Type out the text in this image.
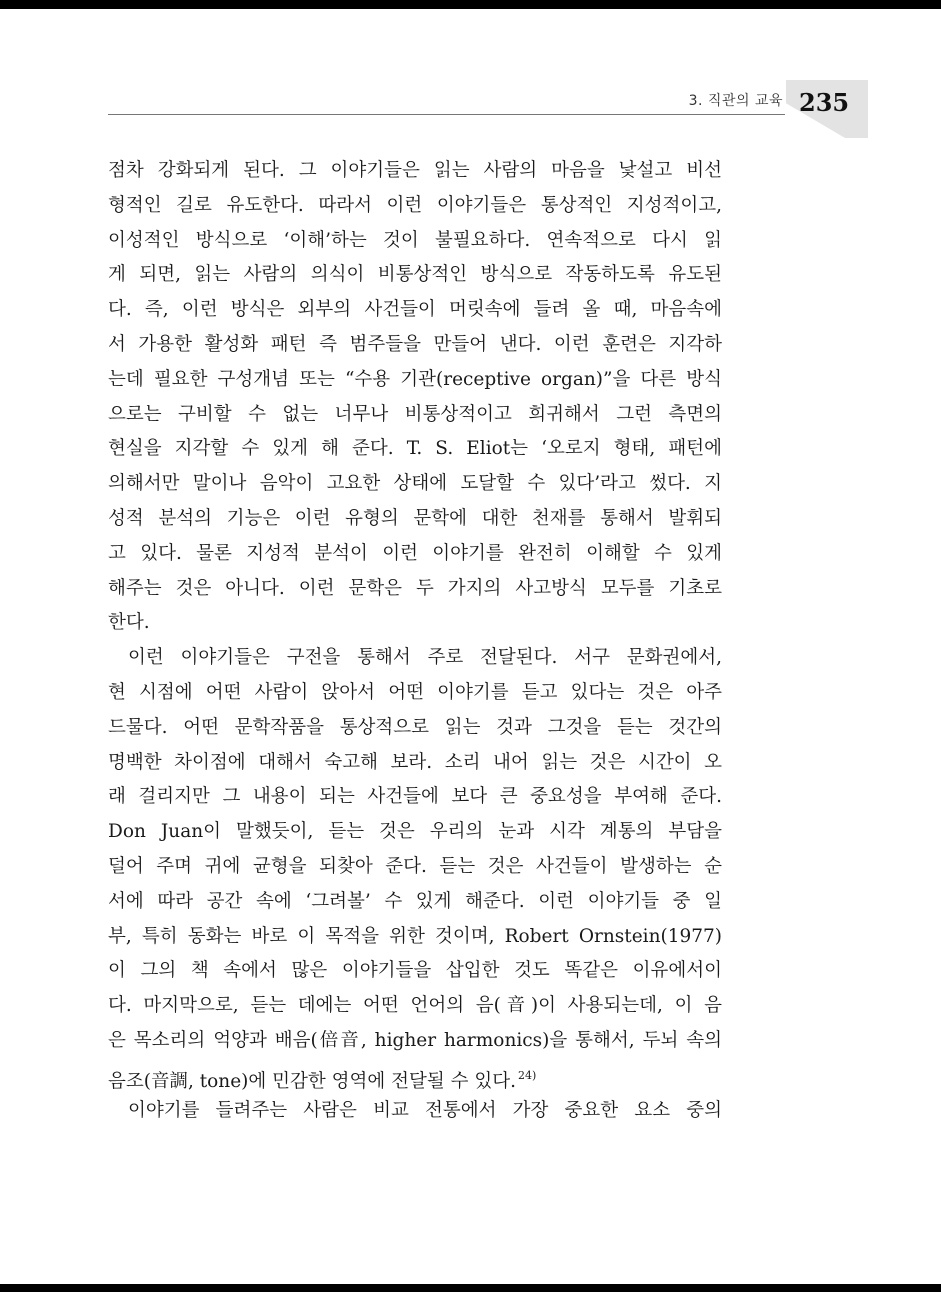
3. 직관의 교육 235
점차 강화되게 된다. 그 이야기들은 읽는 사람의 마음을 낯설고 비선
형적인 길로 유도한다. 따라서 이런 이야기들은 통상적인 지성적이고,
이성적인 방식으로 ‘이해’하는 것이 불필요하다. 연속적으로 다시 읽
게 되면, 읽는 사람의 의식이 비통상적인 방식으로 작동하도록 유도된
다. 즉, 이런 방식은 외부의 사건들이 머릿속에 들려 올 때, 마음속에
서 가용한 활성화 패턴 즉 범주들을 만들어 낸다. 이런 훈련은 지각하
는데 필요한 구성개념 또는 “수용 기관(receptive organ)”을 다른 방식
으로는 구비할 수 없는 너무나 비통상적이고 희귀해서 그런 측면의
현실을 지각할 수 있게 해 준다. T. S. Eliot는 ‘오로지 형태, 패턴에
의해서만 말이나 음악이 고요한 상태에 도달할 수 있다’라고 썼다. 지
성적 분석의 기능은 이런 유형의 문학에 대한 천재를 통해서 발휘되
고 있다. 물론 지성적 분석이 이런 이야기를 완전히 이해할 수 있게
해주는 것은 아니다. 이런 문학은 두 가지의 사고방식 모두를 기초로
한다.
이런 이야기들은 구전을 통해서 주로 전달된다. 서구 문화권에서,
현 시점에 어떤 사람이 앉아서 어떤 이야기를 듣고 있다는 것은 아주
드물다. 어떤 문학작품을 통상적으로 읽는 것과 그것을 듣는 것간의
명백한 차이점에 대해서 숙고해 보라. 소리 내어 읽는 것은 시간이 오
래 걸리지만 그 내용이 되는 사건들에 보다 큰 중요성을 부여해 준다.
Don Juan이 말했듯이, 듣는 것은 우리의 눈과 시각 계통의 부담을
덜어 주며 귀에 균형을 되찾아 준다. 듣는 것은 사건들이 발생하는 순
서에 따라 공간 속에 ‘그려볼’ 수 있게 해준다. 이런 이야기들 중 일
부, 특히 동화는 바로 이 목적을 위한 것이며, Robert Ornstein(1977)
이 그의 책 속에서 많은 이야기들을 삽입한 것도 똑같은 이유에서이
다. 마지막으로, 듣는 데에는 어떤 언어의 음(音)이 사용되는데, 이 음
은 목소리의 억양과 배음(倍音, higher harmonics)을 통해서, 두뇌 속의
음조(音調, tone)에 민감한 영역에 전달될 수 있다. $^{24)}$
이야기를 들려주는 사람은 비교 전통에서 가장 중요한 요소 중의
